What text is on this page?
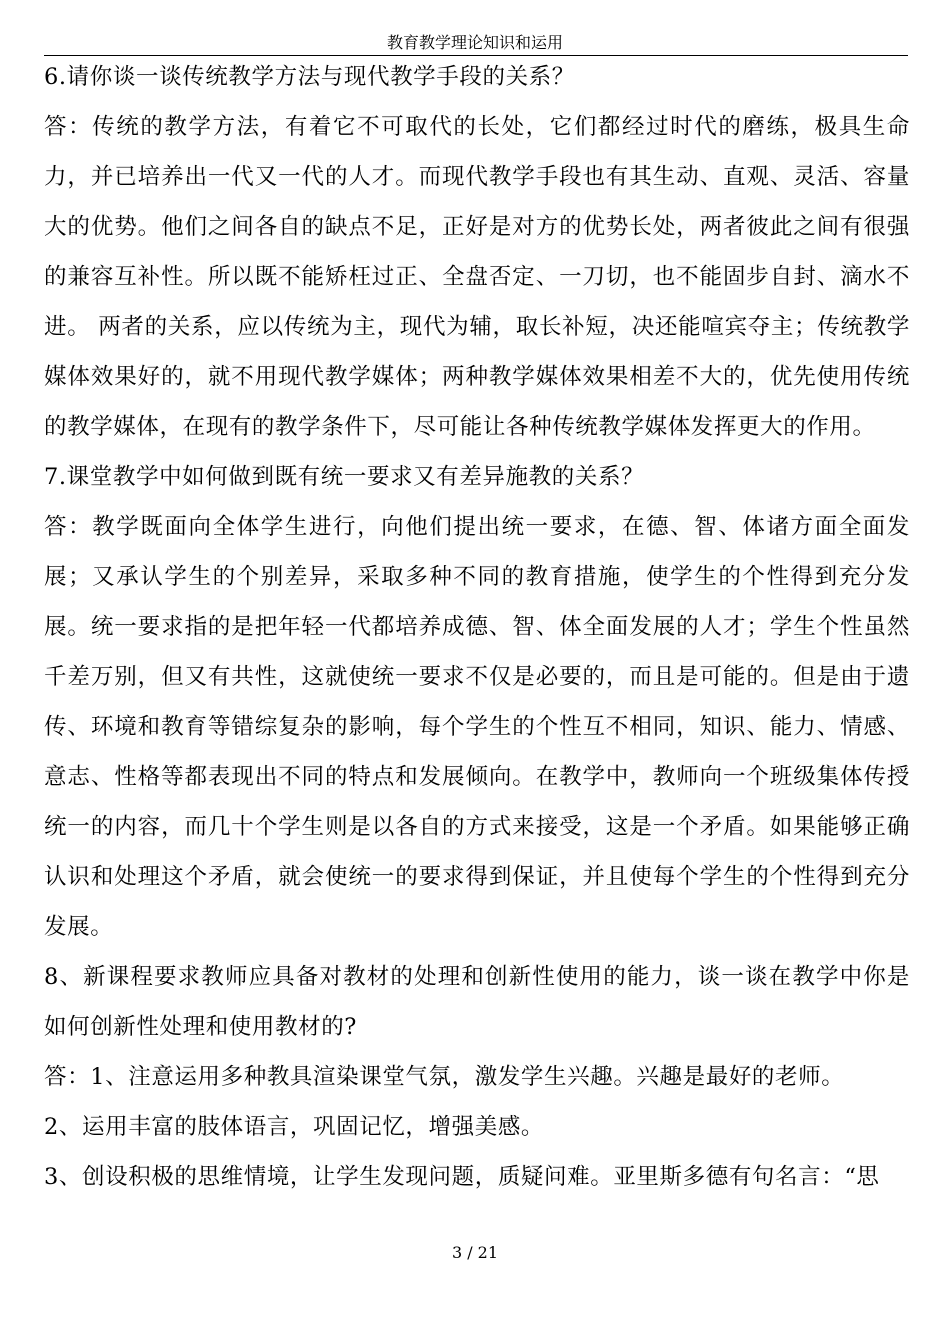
教育教学理论知识和运用

6.请你谈一谈传统教学方法与现代教学手段的关系？

答：传统的教学方法，有着它不可取代的长处，它们都经过时代的磨练，极具生命力，并已培养出一代又一代的人才。而现代教学手段也有其生动、直观、灵活、容量大的优势。他们之间各自的缺点不足，正好是对方的优势长处，两者彼此之间有很强的兼容互补性。所以既不能矫枉过正、全盘否定、一刀切，也不能固步自封、滴水不进。 两者的关系，应以传统为主，现代为辅，取长补短，决还能喧宾夺主；传统教学媒体效果好的，就不用现代教学媒体；两种教学媒体效果相差不大的，优先使用传统的教学媒体，在现有的教学条件下，尽可能让各种传统教学媒体发挥更大的作用。

7.课堂教学中如何做到既有统一要求又有差异施教的关系？

答：教学既面向全体学生进行，向他们提出统一要求，在德、智、体诸方面全面发展；又承认学生的个别差异，采取多种不同的教育措施，使学生的个性得到充分发展。统一要求指的是把年轻一代都培养成德、智、体全面发展的人才；学生个性虽然千差万别，但又有共性，这就使统一要求不仅是必要的，而且是可能的。但是由于遗传、环境和教育等错综复杂的影响，每个学生的个性互不相同，知识、能力、情感、意志、性格等都表现出不同的特点和发展倾向。在教学中，教师向一个班级集体传授统一的内容，而几十个学生则是以各自的方式来接受，这是一个矛盾。如果能够正确认识和处理这个矛盾，就会使统一的要求得到保证，并且使每个学生的个性得到充分发展。

8、新课程要求教师应具备对教材的处理和创新性使用的能力，谈一谈在教学中你是如何创新性处理和使用教材的?

答：1、注意运用多种教具渲染课堂气氛，激发学生兴趣。兴趣是最好的老师。

2、运用丰富的肢体语言，巩固记忆，增强美感。

3、创设积极的思维情境，让学生发现问题，质疑问难。亚里斯多德有句名言：“思

3 / 21
